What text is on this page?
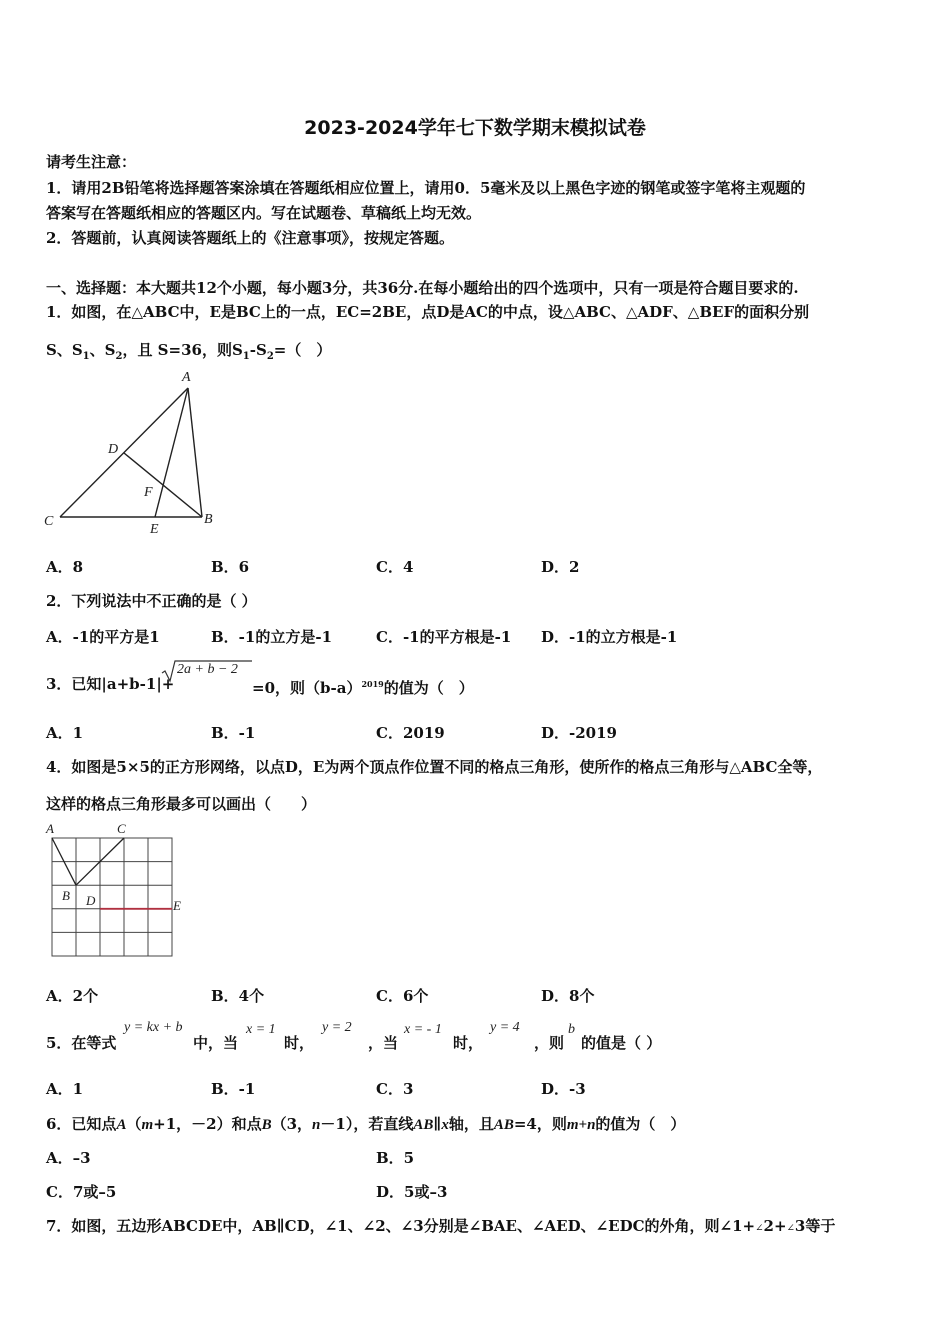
2023-2024学年七下数学期末模拟试卷
请考生注意：
1．请用2B铅笔将选择题答案涂填在答题纸相应位置上，请用0．5毫米及以上黑色字迹的钢笔或签字笔将主观题的
答案写在答题纸相应的答题区内。写在试题卷、草稿纸上均无效。
2．答题前，认真阅读答题纸上的《注意事项》，按规定答题。
一、选择题：本大题共12个小题，每小题3分，共36分.在每小题给出的四个选项中，只有一项是符合题目要求的.
1．如图，在△ABC中，E是BC上的一点，EC=2BE，点D是AC的中点，设△ABC、△ADF、△BEF的面积分别
S、$S_1$、$S_2$，且 S=36，则$S_1-S_2=$（　）
A
B
C
D
E
F
A．8	B．6	C．4	D．2
2．下列说法中不正确的是（ ）
A．-1的平方是1	B．-1的立方是-1	C．-1的平方根是-1 D．-1的立方根是-1
3．已知|a+b-1|+
2a + b − 2
=0，则$(b-a)^{2019}$的值为（　）
A．1	B．-1	C．2019	D．-2019
4．如图是5×5的正方形网络，以点D，E为两个顶点作位置不同的格点三角形，使所作的格点三角形与△ABC全等，
这样的格点三角形最多可以画出（　　）
A	C
B D	E
A．2个	B．4个	C．6个	D．8个
5．在等式
y = kx + b
中，当
x = 1
时，
y = 2
，当
x = - 1
时，
y = 4
，则
b
的值是（ ）
A．1	B．-1	C．3	D．-3
6．已知点A（m+1，－2）和点B（3，n－1），若直线AB∥x轴，且AB=4，则m+n的值为（　）
A．–3	B．5
C．7或–5	D．5或–3
7．如图，五边形ABCDE中，AB∥CD，∠1、∠2、∠3分别是∠BAE、∠AED、∠EDC的外角，则∠1+∠2+∠3等于
